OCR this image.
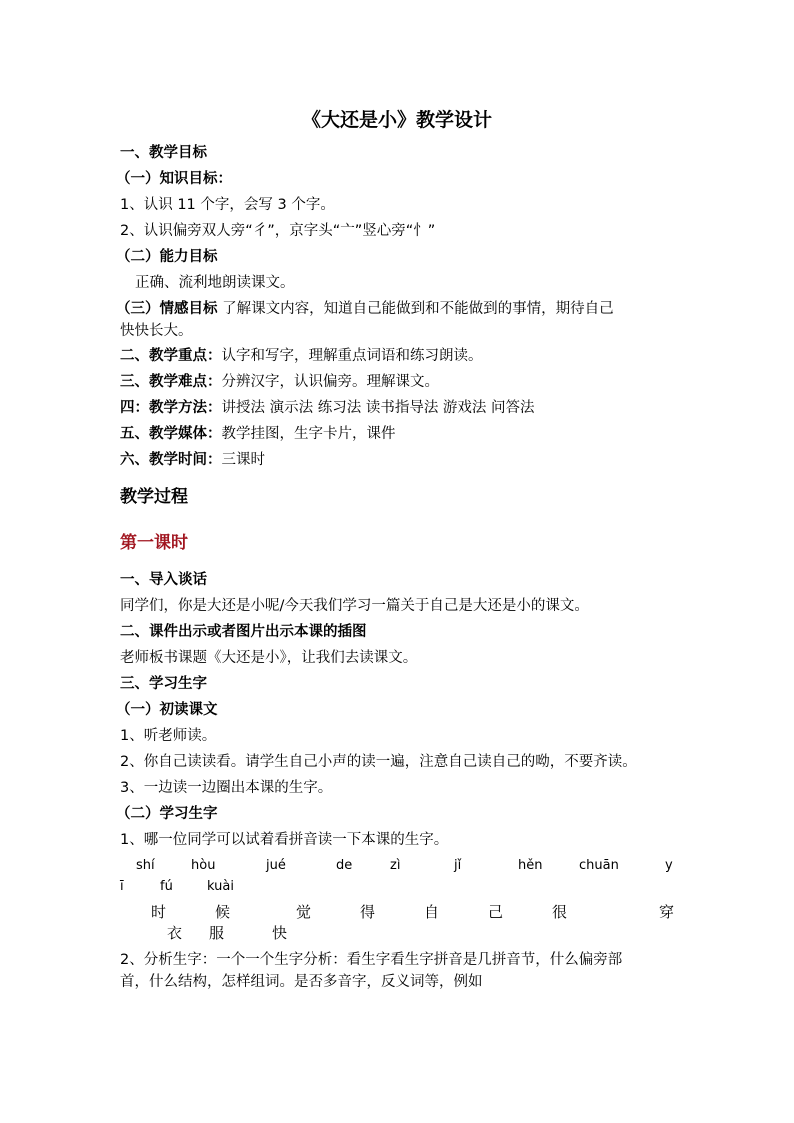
《大还是小》教学设计
一、教学目标
（一）知识目标：
1、认识 11 个字，会写 3 个字。
2、认识偏旁双人旁“彳”，京字头“亠”竖心旁“忄”
（二）能力目标
正确、流利地朗读课文。
（三）情感目标 了解课文内容，知道自己能做到和不能做到的事情，期待自己
快快长大。
二、教学重点：认字和写字，理解重点词语和练习朗读。
三、教学难点：分辨汉字，认识偏旁。理解课文。
四：教学方法：讲授法 演示法 练习法 读书指导法 游戏法 问答法
五、教学媒体：教学挂图，生字卡片，课件
六、教学时间：三课时
教学过程
第一课时
一、导入谈话
同学们，你是大还是小呢/今天我们学习一篇关于自己是大还是小的课文。
二、课件出示或者图片出示本课的插图
老师板书课题《大还是小》，让我们去读课文。
三、学习生字
（一）初读课文
1、听老师读。
2、你自己读读看。请学生自己小声的读一遍，注意自己读自己的呦，不要齐读。
3、一边读一边圈出本课的生字。
（二）学习生字
1、哪一位同学可以试着看拼音读一下本课的生字。
shí	hòu	jué	de	zì	jǐ	hěn	chuān	y
ī	fú	kuài
时	候	觉	得	自	己	很	穿
衣 服	快
2、分析生字：一个一个生字分析：看生字看生字拼音是几拼音节，什么偏旁部
首，什么结构，怎样组词。是否多音字，反义词等，例如
